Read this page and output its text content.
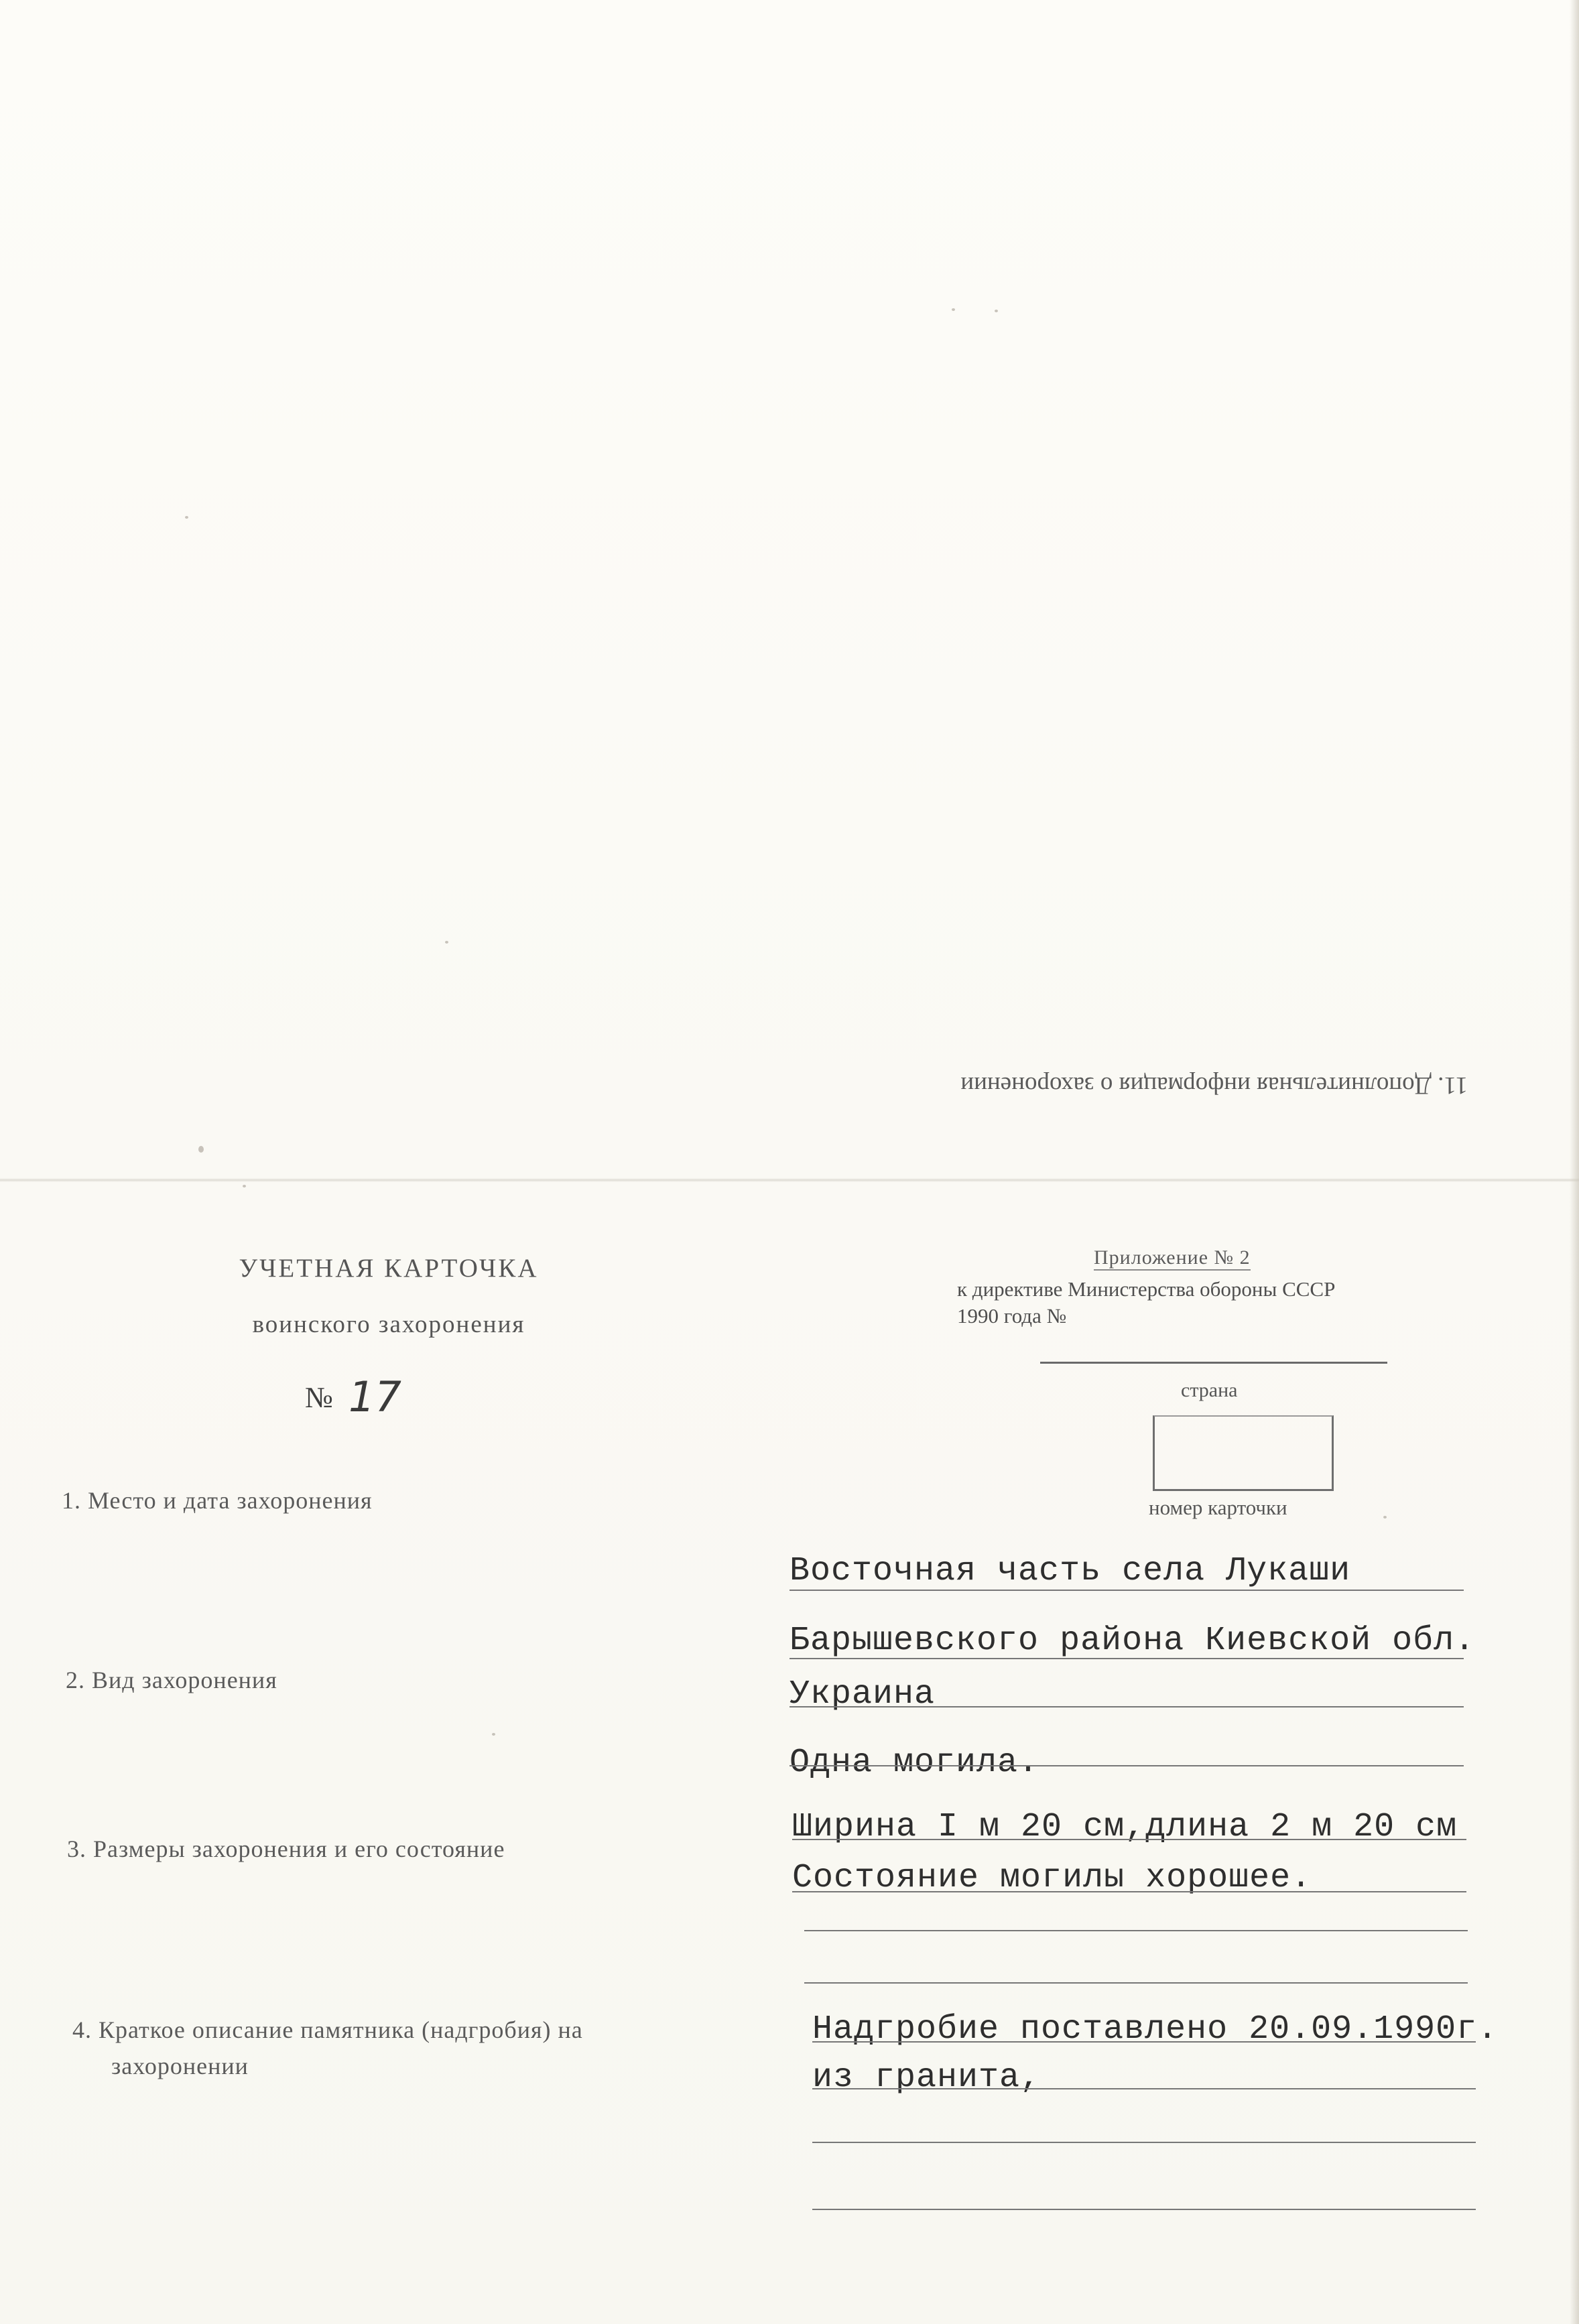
11. Дополнительная информация о захоронении
УЧЕТНАЯ КАРТОЧКА
воинского захоронения
№ 17
Приложение № 2
к директиве Министерства обороны СССР
1990 года №
страна
номер карточки
1. Место и дата захоронения
2. Вид захоронения
3. Размеры захоронения и его состояние
4. Краткое описание памятника (надгробия) на
захоронении
Восточная часть села Лукаши
Барышевского района Киевской обл.
Украина
Одна могила.
Ширина I м 20 см,длина 2 м 20 см
Состояние могилы хорошее.
Надгробие поставлено 20.09.1990г.
из гранита,
